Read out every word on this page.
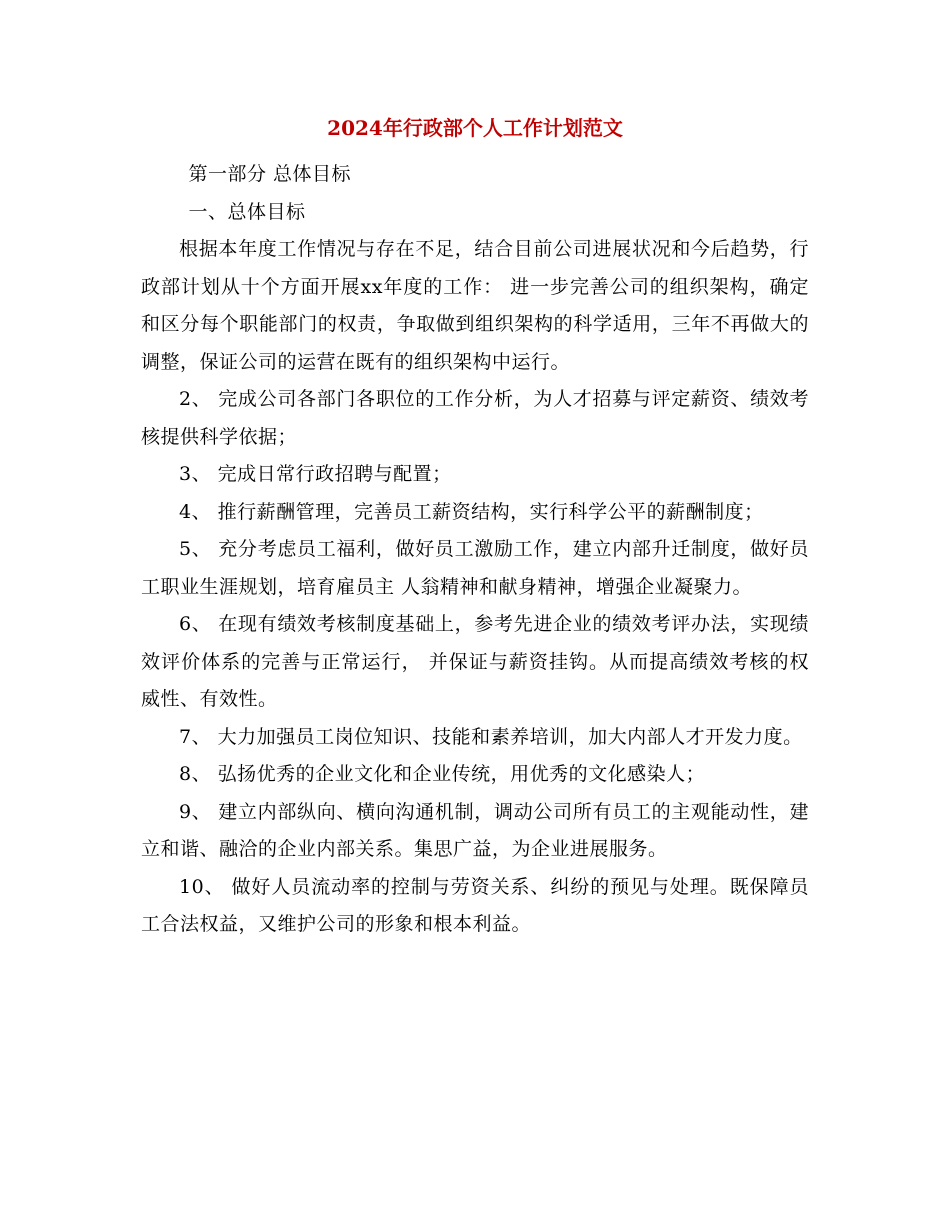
2024年行政部个人工作计划范文

第一部分 总体目标

一、总体目标

根据本年度工作情况与存在不足，结合目前公司进展状况和今后趋势，行政部计划从十个方面开展xx年度的工作： 进一步完善公司的组织架构，确定和区分每个职能部门的权责，争取做到组织架构的科学适用，三年不再做大的调整，保证公司的运营在既有的组织架构中运行。

2、 完成公司各部门各职位的工作分析，为人才招募与评定薪资、绩效考核提供科学依据；

3、 完成日常行政招聘与配置；

4、 推行薪酬管理，完善员工薪资结构，实行科学公平的薪酬制度；

5、 充分考虑员工福利，做好员工激励工作，建立内部升迁制度，做好员工职业生涯规划，培育雇员主 人翁精神和献身精神，增强企业凝聚力。

6、 在现有绩效考核制度基础上，参考先进企业的绩效考评办法，实现绩效评价体系的完善与正常运行， 并保证与薪资挂钩。从而提高绩效考核的权威性、有效性。

7、 大力加强员工岗位知识、技能和素养培训，加大内部人才开发力度。

8、 弘扬优秀的企业文化和企业传统，用优秀的文化感染人；

9、 建立内部纵向、横向沟通机制，调动公司所有员工的主观能动性，建立和谐、融洽的企业内部关系。集思广益，为企业进展服务。

10、 做好人员流动率的控制与劳资关系、纠纷的预见与处理。既保障员工合法权益，又维护公司的形象和根本利益。
